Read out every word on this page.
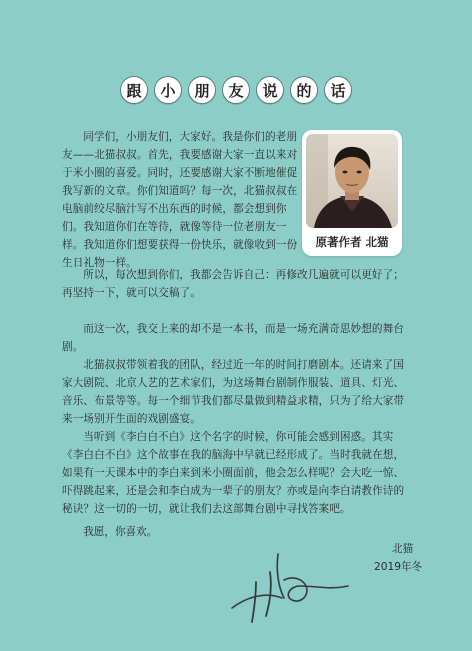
跟	小	朋	友	说	的	话

同学们，小朋友们，大家好。我是你们的老朋友——北猫叔叔。首先，我要感谢大家一直以来对于米小圈的喜爱。同时，还要感谢大家不断地催促我写新的文章。你们知道吗？每一次，北猫叔叔在电脑前绞尽脑汁写不出东西的时候，都会想到你们。我知道你们在等待，就像等待一位老朋友一样。我知道你们想要获得一份快乐，就像收到一份生日礼物一样。

原著作者 北猫

所以，每次想到你们，我都会告诉自己：再修改几遍就可以更好了；再坚持一下，就可以交稿了。

而这一次，我交上来的却不是一本书，而是一场充满奇思妙想的舞台剧。

北猫叔叔带领着我的团队，经过近一年的时间打磨剧本。还请来了国家大剧院、北京人艺的艺术家们，为这场舞台剧制作服装、道具、灯光、音乐、布景等等。每一个细节我们都尽量做到精益求精，只为了给大家带来一场别开生面的戏剧盛宴。

当听到《李白白不白》这个名字的时候，你可能会感到困惑。其实《李白白不白》这个故事在我的脑海中早就已经形成了。当时我就在想，如果有一天课本中的李白来到米小圈面前，他会怎么样呢？会大吃一惊、吓得跳起来，还是会和李白成为一辈子的朋友？亦或是向李白请教作诗的秘诀？这一切的一切，就让我们去这部舞台剧中寻找答案吧。

我愿，你喜欢。
北猫
2019年冬
